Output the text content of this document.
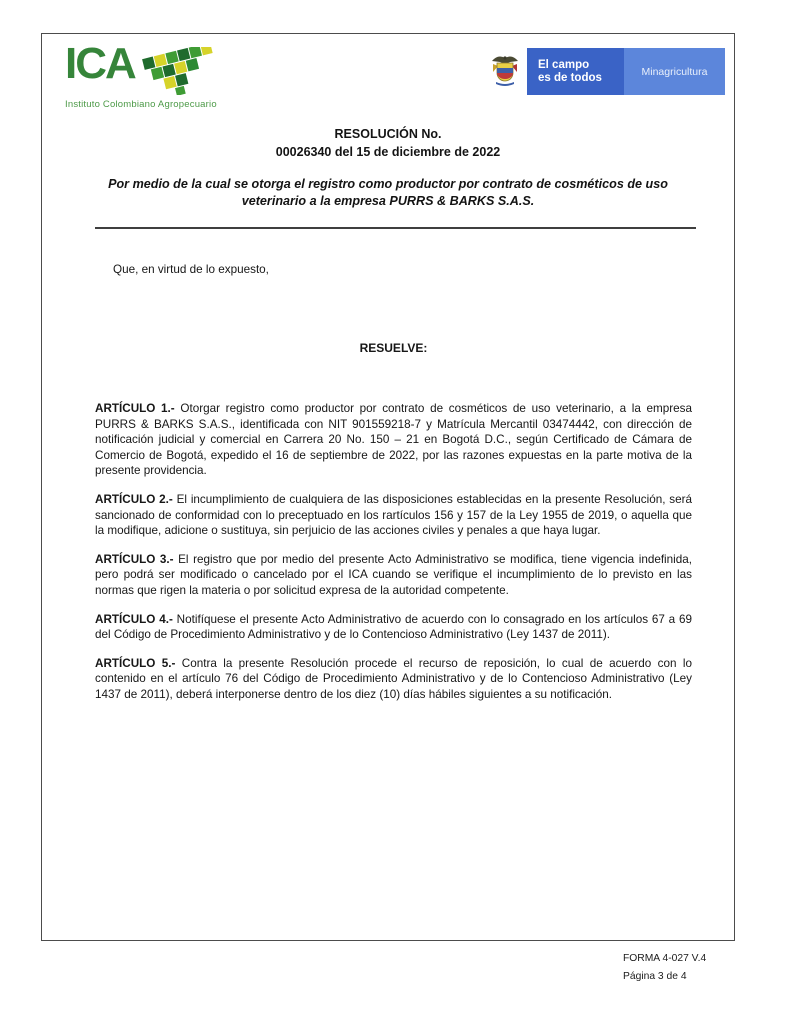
ICA
Instituto Colombiano Agropecuario
El campo
es de todos	Minagricultura
RESOLUCIÓN No.
00026340 del 15 de diciembre de 2022
Por medio de la cual se otorga el registro como productor por contrato de cosméticos de uso veterinario a la empresa PURRS & BARKS S.A.S.
Que, en virtud de lo expuesto,
RESUELVE:

ARTÍCULO 1.- Otorgar registro como productor por contrato de cosméticos de uso veterinario, a la empresa PURRS & BARKS S.A.S., identificada con NIT 901559218-7 y Matrícula Mercantil 03474442, con dirección de notificación judicial y comercial en Carrera 20 No. 150 – 21 en Bogotá D.C., según Certificado de Cámara de Comercio de Bogotá, expedido el 16 de septiembre de 2022, por las razones expuestas en la parte motiva de la presente providencia.

ARTÍCULO 2.- El incumplimiento de cualquiera de las disposiciones establecidas en la presente Resolución, será sancionado de conformidad con lo preceptuado en los rartículos 156 y 157 de la Ley 1955 de 2019, o aquella que la modifique, adicione o sustituya, sin perjuicio de las acciones civiles y penales a que haya lugar.

ARTÍCULO 3.- El registro que por medio del presente Acto Administrativo se modifica, tiene vigencia indefinida, pero podrá ser modificado o cancelado por el ICA cuando se verifique el incumplimiento de lo previsto en las normas que rigen la materia o por solicitud expresa de la autoridad competente.

ARTÍCULO 4.- Notifíquese el presente Acto Administrativo de acuerdo con lo consagrado en los artículos 67 a 69 del Código de Procedimiento Administrativo y de lo Contencioso Administrativo (Ley 1437 de 2011).

ARTÍCULO 5.- Contra la presente Resolución procede el recurso de reposición, lo cual de acuerdo con lo contenido en el artículo 76 del Código de Procedimiento Administrativo y de lo Contencioso Administrativo (Ley 1437 de 2011), deberá interponerse dentro de los diez (10) días hábiles siguientes a su notificación.

FORMA 4-027 V.4
Página 3 de 4
